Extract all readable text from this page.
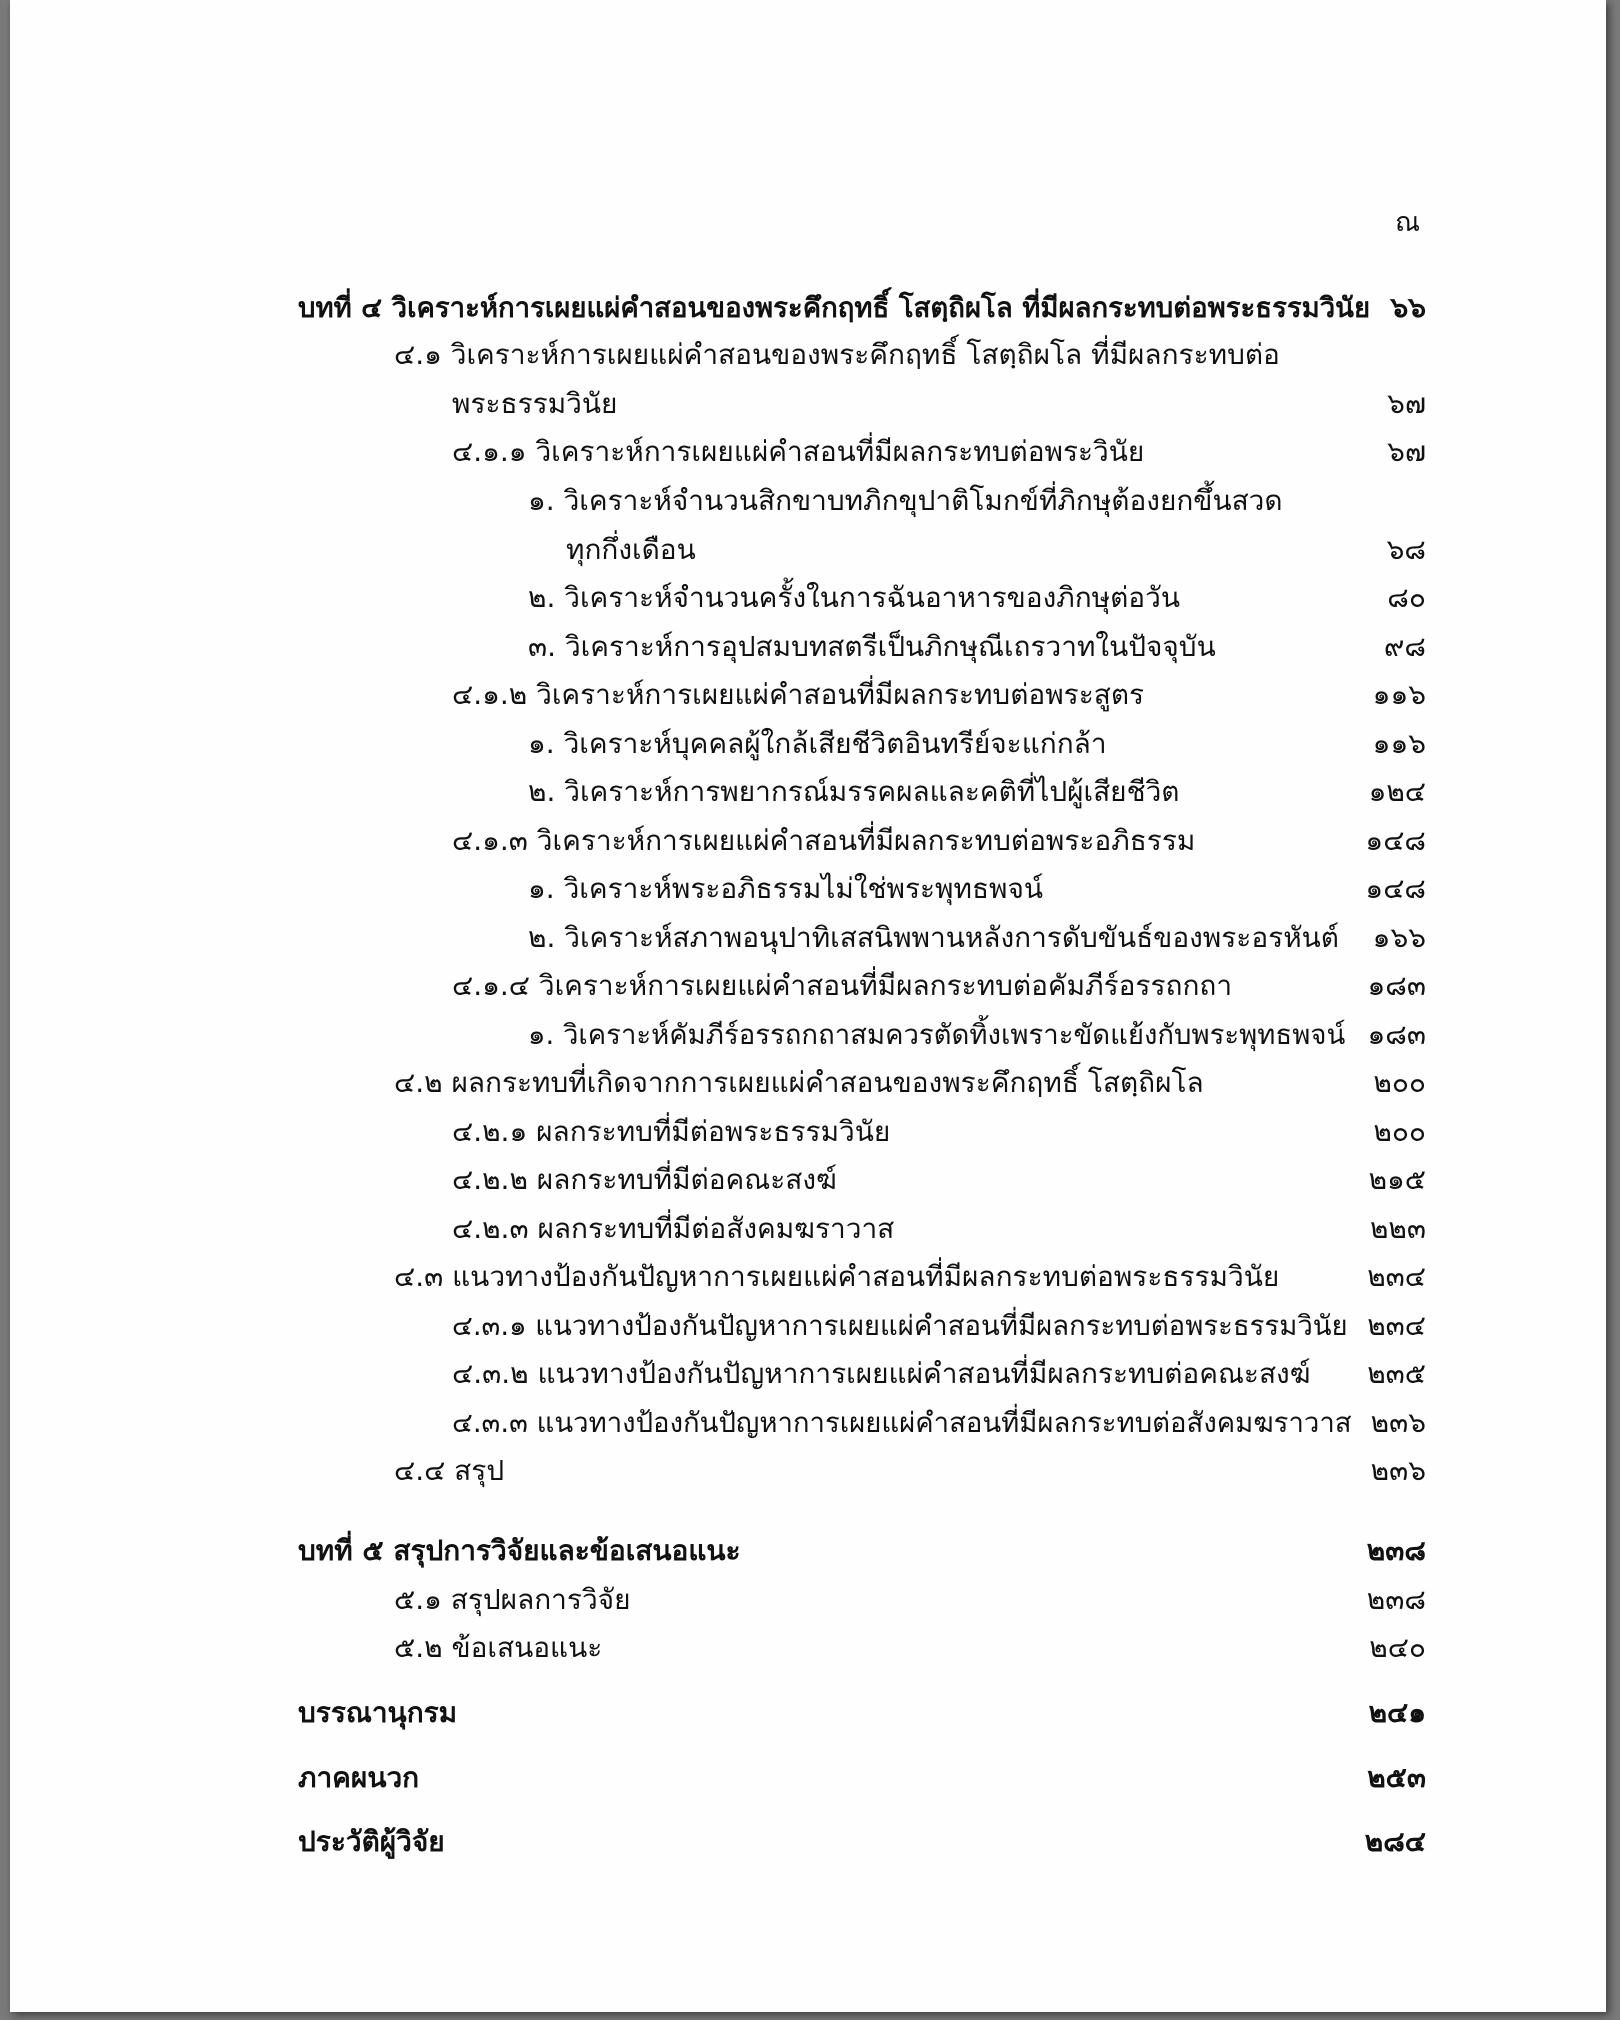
ณ
บทที่ ๔ วิเคราะห์การเผยแผ่คำสอนของพระคึกฤทธิ์ โสตฺถิผโล ที่มีผลกระทบต่อพระธรรมวินัย ๖๖
๔.๑ วิเคราะห์การเผยแผ่คำสอนของพระคึกฤทธิ์ โสตฺถิผโล ที่มีผลกระทบต่อ
พระธรรมวินัย	๖๗
๔.๑.๑ วิเคราะห์การเผยแผ่คำสอนที่มีผลกระทบต่อพระวินัย	๖๗
๑. วิเคราะห์จำนวนสิกขาบทภิกขุปาติโมกข์ที่ภิกษุต้องยกขึ้นสวด
ทุกกึ่งเดือน	๖๘
๒. วิเคราะห์จำนวนครั้งในการฉันอาหารของภิกษุต่อวัน	๘๐
๓. วิเคราะห์การอุปสมบทสตรีเป็นภิกษุณีเถรวาทในปัจจุบัน	๙๘
๔.๑.๒ วิเคราะห์การเผยแผ่คำสอนที่มีผลกระทบต่อพระสูตร	๑๑๖
๑. วิเคราะห์บุคคลผู้ใกล้เสียชีวิตอินทรีย์จะแก่กล้า	๑๑๖
๒. วิเคราะห์การพยากรณ์มรรคผลและคติที่ไปผู้เสียชีวิต	๑๒๔
๔.๑.๓ วิเคราะห์การเผยแผ่คำสอนที่มีผลกระทบต่อพระอภิธรรม	๑๔๘
๑. วิเคราะห์พระอภิธรรมไม่ใช่พระพุทธพจน์	๑๔๘
๒. วิเคราะห์สภาพอนุปาทิเสสนิพพานหลังการดับขันธ์ของพระอรหันต์ ๑๖๖
๔.๑.๔ วิเคราะห์การเผยแผ่คำสอนที่มีผลกระทบต่อคัมภีร์อรรถกถา	๑๘๓
๑. วิเคราะห์คัมภีร์อรรถกถาสมควรตัดทิ้งเพราะขัดแย้งกับพระพุทธพจน์ ๑๘๓
๔.๒ ผลกระทบที่เกิดจากการเผยแผ่คำสอนของพระคึกฤทธิ์ โสตฺถิผโล	๒๐๐
๔.๒.๑ ผลกระทบที่มีต่อพระธรรมวินัย	๒๐๐
๔.๒.๒ ผลกระทบที่มีต่อคณะสงฆ์	๒๑๕
๔.๒.๓ ผลกระทบที่มีต่อสังคมฆราวาส	๒๒๓
๔.๓ แนวทางป้องกันปัญหาการเผยแผ่คำสอนที่มีผลกระทบต่อพระธรรมวินัย	๒๓๔
๔.๓.๑ แนวทางป้องกันปัญหาการเผยแผ่คำสอนที่มีผลกระทบต่อพระธรรมวินัย ๒๓๔
๔.๓.๒ แนวทางป้องกันปัญหาการเผยแผ่คำสอนที่มีผลกระทบต่อคณะสงฆ์ ๒๓๕
๔.๓.๓ แนวทางป้องกันปัญหาการเผยแผ่คำสอนที่มีผลกระทบต่อสังคมฆราวาส ๒๓๖
๔.๔ สรุป	๒๓๖
บทที่ ๕ สรุปการวิจัยและข้อเสนอแนะ	๒๓๘
๕.๑ สรุปผลการวิจัย	๒๓๘
๕.๒ ข้อเสนอแนะ	๒๔๐
บรรณานุกรม	๒๔๑
ภาคผนวก	๒๕๓
ประวัติผู้วิจัย	๒๘๔
